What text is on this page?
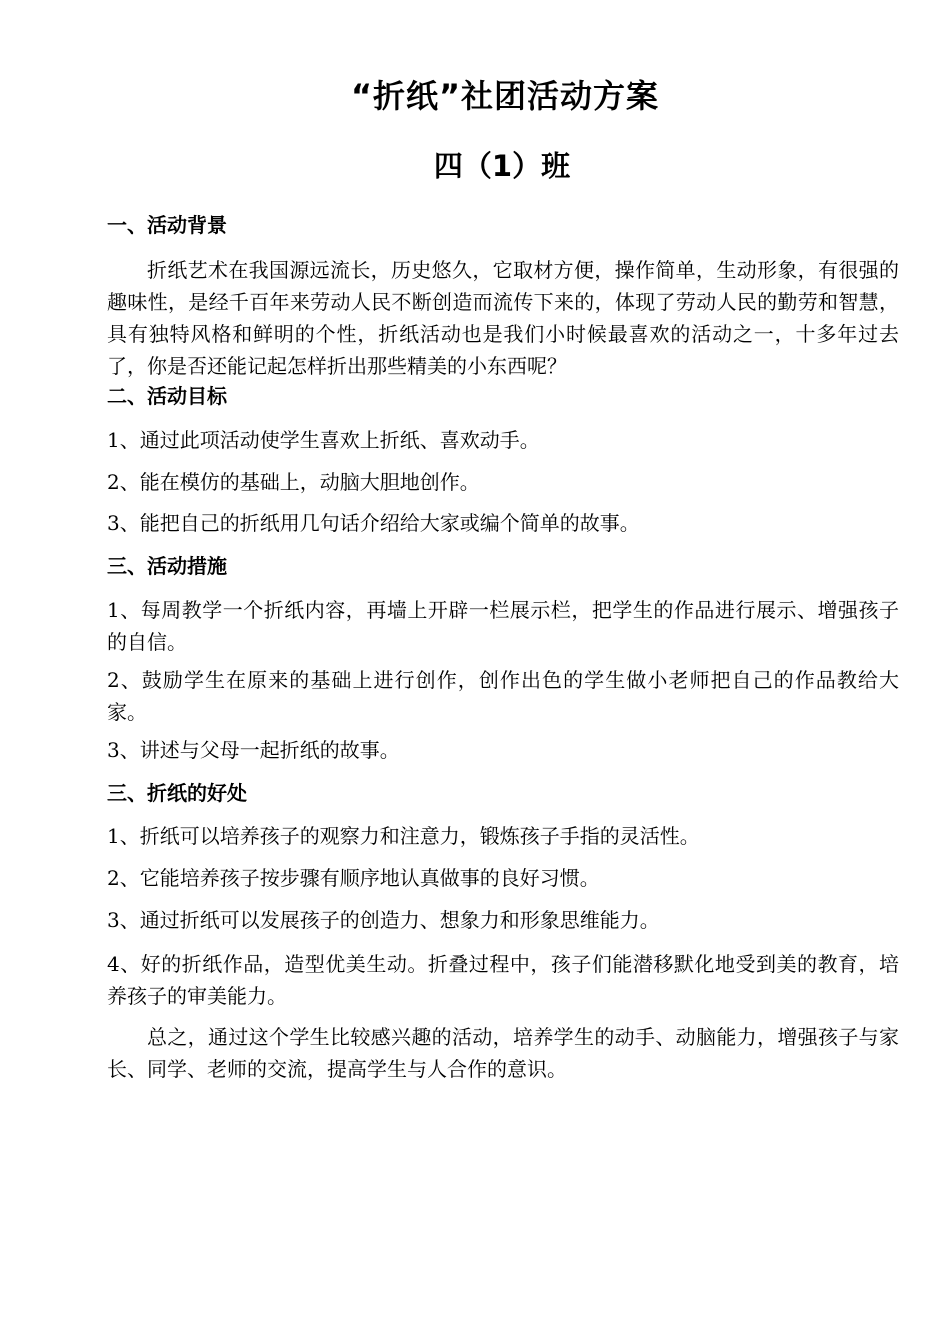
“折纸”社团活动方案
四（1）班
一、活动背景
折纸艺术在我国源远流长，历史悠久，它取材方便，操作简单，生动形象，有很强的趣味性，是经千百年来劳动人民不断创造而流传下来的，体现了劳动人民的勤劳和智慧，具有独特风格和鲜明的个性，折纸活动也是我们小时候最喜欢的活动之一，十多年过去了，你是否还能记起怎样折出那些精美的小东西呢？
二、活动目标
1、通过此项活动使学生喜欢上折纸、喜欢动手。
2、能在模仿的基础上，动脑大胆地创作。
3、能把自己的折纸用几句话介绍给大家或编个简单的故事。
三、活动措施
1、每周教学一个折纸内容，再墙上开辟一栏展示栏，把学生的作品进行展示、增强孩子的自信。
2、鼓励学生在原来的基础上进行创作，创作出色的学生做小老师把自己的作品教给大家。
3、讲述与父母一起折纸的故事。
三、折纸的好处
1、折纸可以培养孩子的观察力和注意力，锻炼孩子手指的灵活性。
2、它能培养孩子按步骤有顺序地认真做事的良好习惯。
3、通过折纸可以发展孩子的创造力、想象力和形象思维能力。
4、好的折纸作品，造型优美生动。折叠过程中，孩子们能潜移默化地受到美的教育，培养孩子的审美能力。
总之，通过这个学生比较感兴趣的活动，培养学生的动手、动脑能力，增强孩子与家长、同学、老师的交流，提高学生与人合作的意识。
